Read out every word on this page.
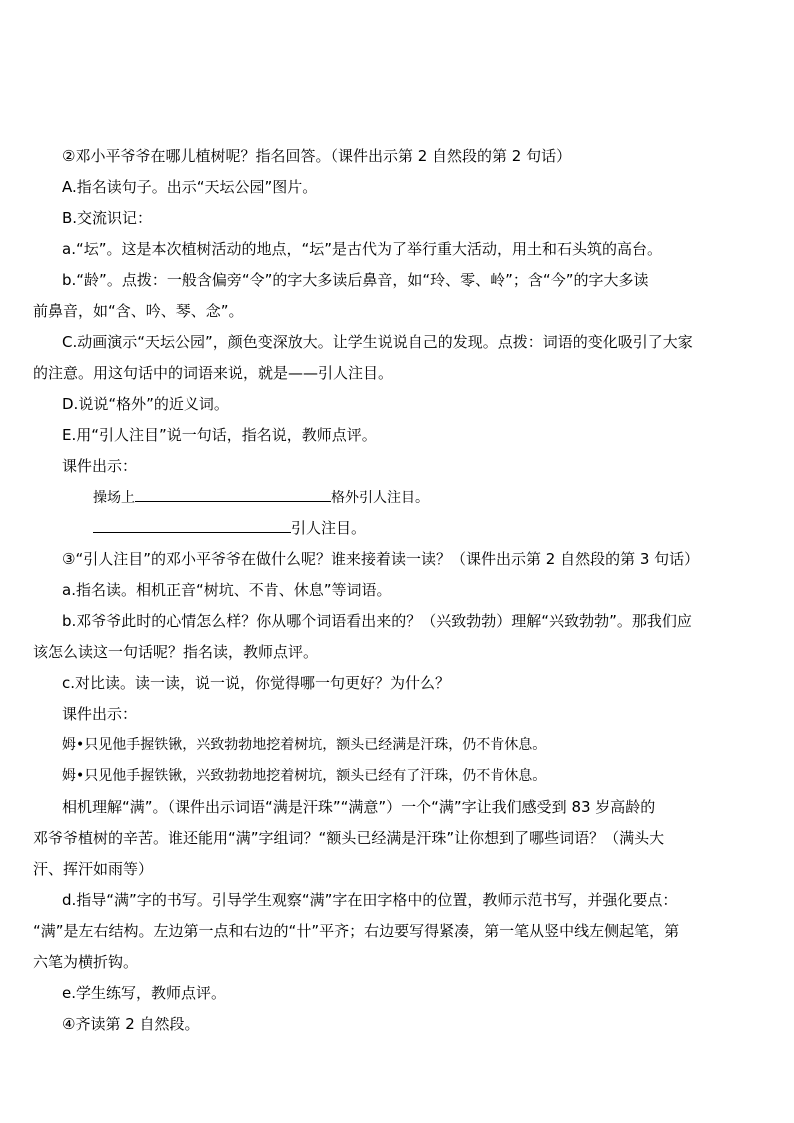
②邓小平爷爷在哪儿植树呢？指名回答。（课件出示第 2 自然段的第 2 句话）
A.指名读句子。出示“天坛公园”图片。
B.交流识记：
a.“坛”。这是本次植树活动的地点，“坛”是古代为了举行重大活动，用土和石头筑的高台。
b.“龄”。点拨：一般含偏旁“令”的字大多读后鼻音，如“玲、零、岭”；含“今”的字大多读
前鼻音，如“含、吟、琴、念”。
C.动画演示“天坛公园”，颜色变深放大。让学生说说自己的发现。点拨：词语的变化吸引了大家
的注意。用这句话中的词语来说，就是——引人注目。
D.说说“格外”的近义词。
E.用“引人注目”说一句话，指名说，教师点评。
课件出示：
操场上	格外引人注目。
引人注目。
③“引人注目”的邓小平爷爷在做什么呢？谁来接着读一读？（课件出示第 2 自然段的第 3 句话）
a.指名读。相机正音“树坑、不肯、休息”等词语。
b.邓爷爷此时的心情怎么样？你从哪个词语看出来的？（兴致勃勃）理解“兴致勃勃”。那我们应
该怎么读这一句话呢？指名读，教师点评。
c.对比读。读一读，说一说，你觉得哪一句更好？为什么？
课件出示：
姆•只见他手握铁锹，兴致勃勃地挖着树坑，额头已经满是汗珠，仍不肯休息。
姆•只见他手握铁锹，兴致勃勃地挖着树坑，额头已经有了汗珠，仍不肯休息。
相机理解“满”。（课件出示词语“满是汗珠”“满意”）一个“满”字让我们感受到 83 岁高龄的
邓爷爷植树的辛苦。谁还能用“满”字组词？“额头已经满是汗珠”让你想到了哪些词语？（满头大
汗、挥汗如雨等）
d.指导“满”字的书写。引导学生观察“满”字在田字格中的位置，教师示范书写，并强化要点：
“满”是左右结构。左边第一点和右边的“卄”平齐；右边要写得紧凑，第一笔从竖中线左侧起笔，第
六笔为横折钩。
e.学生练写，教师点评。
④齐读第 2 自然段。
